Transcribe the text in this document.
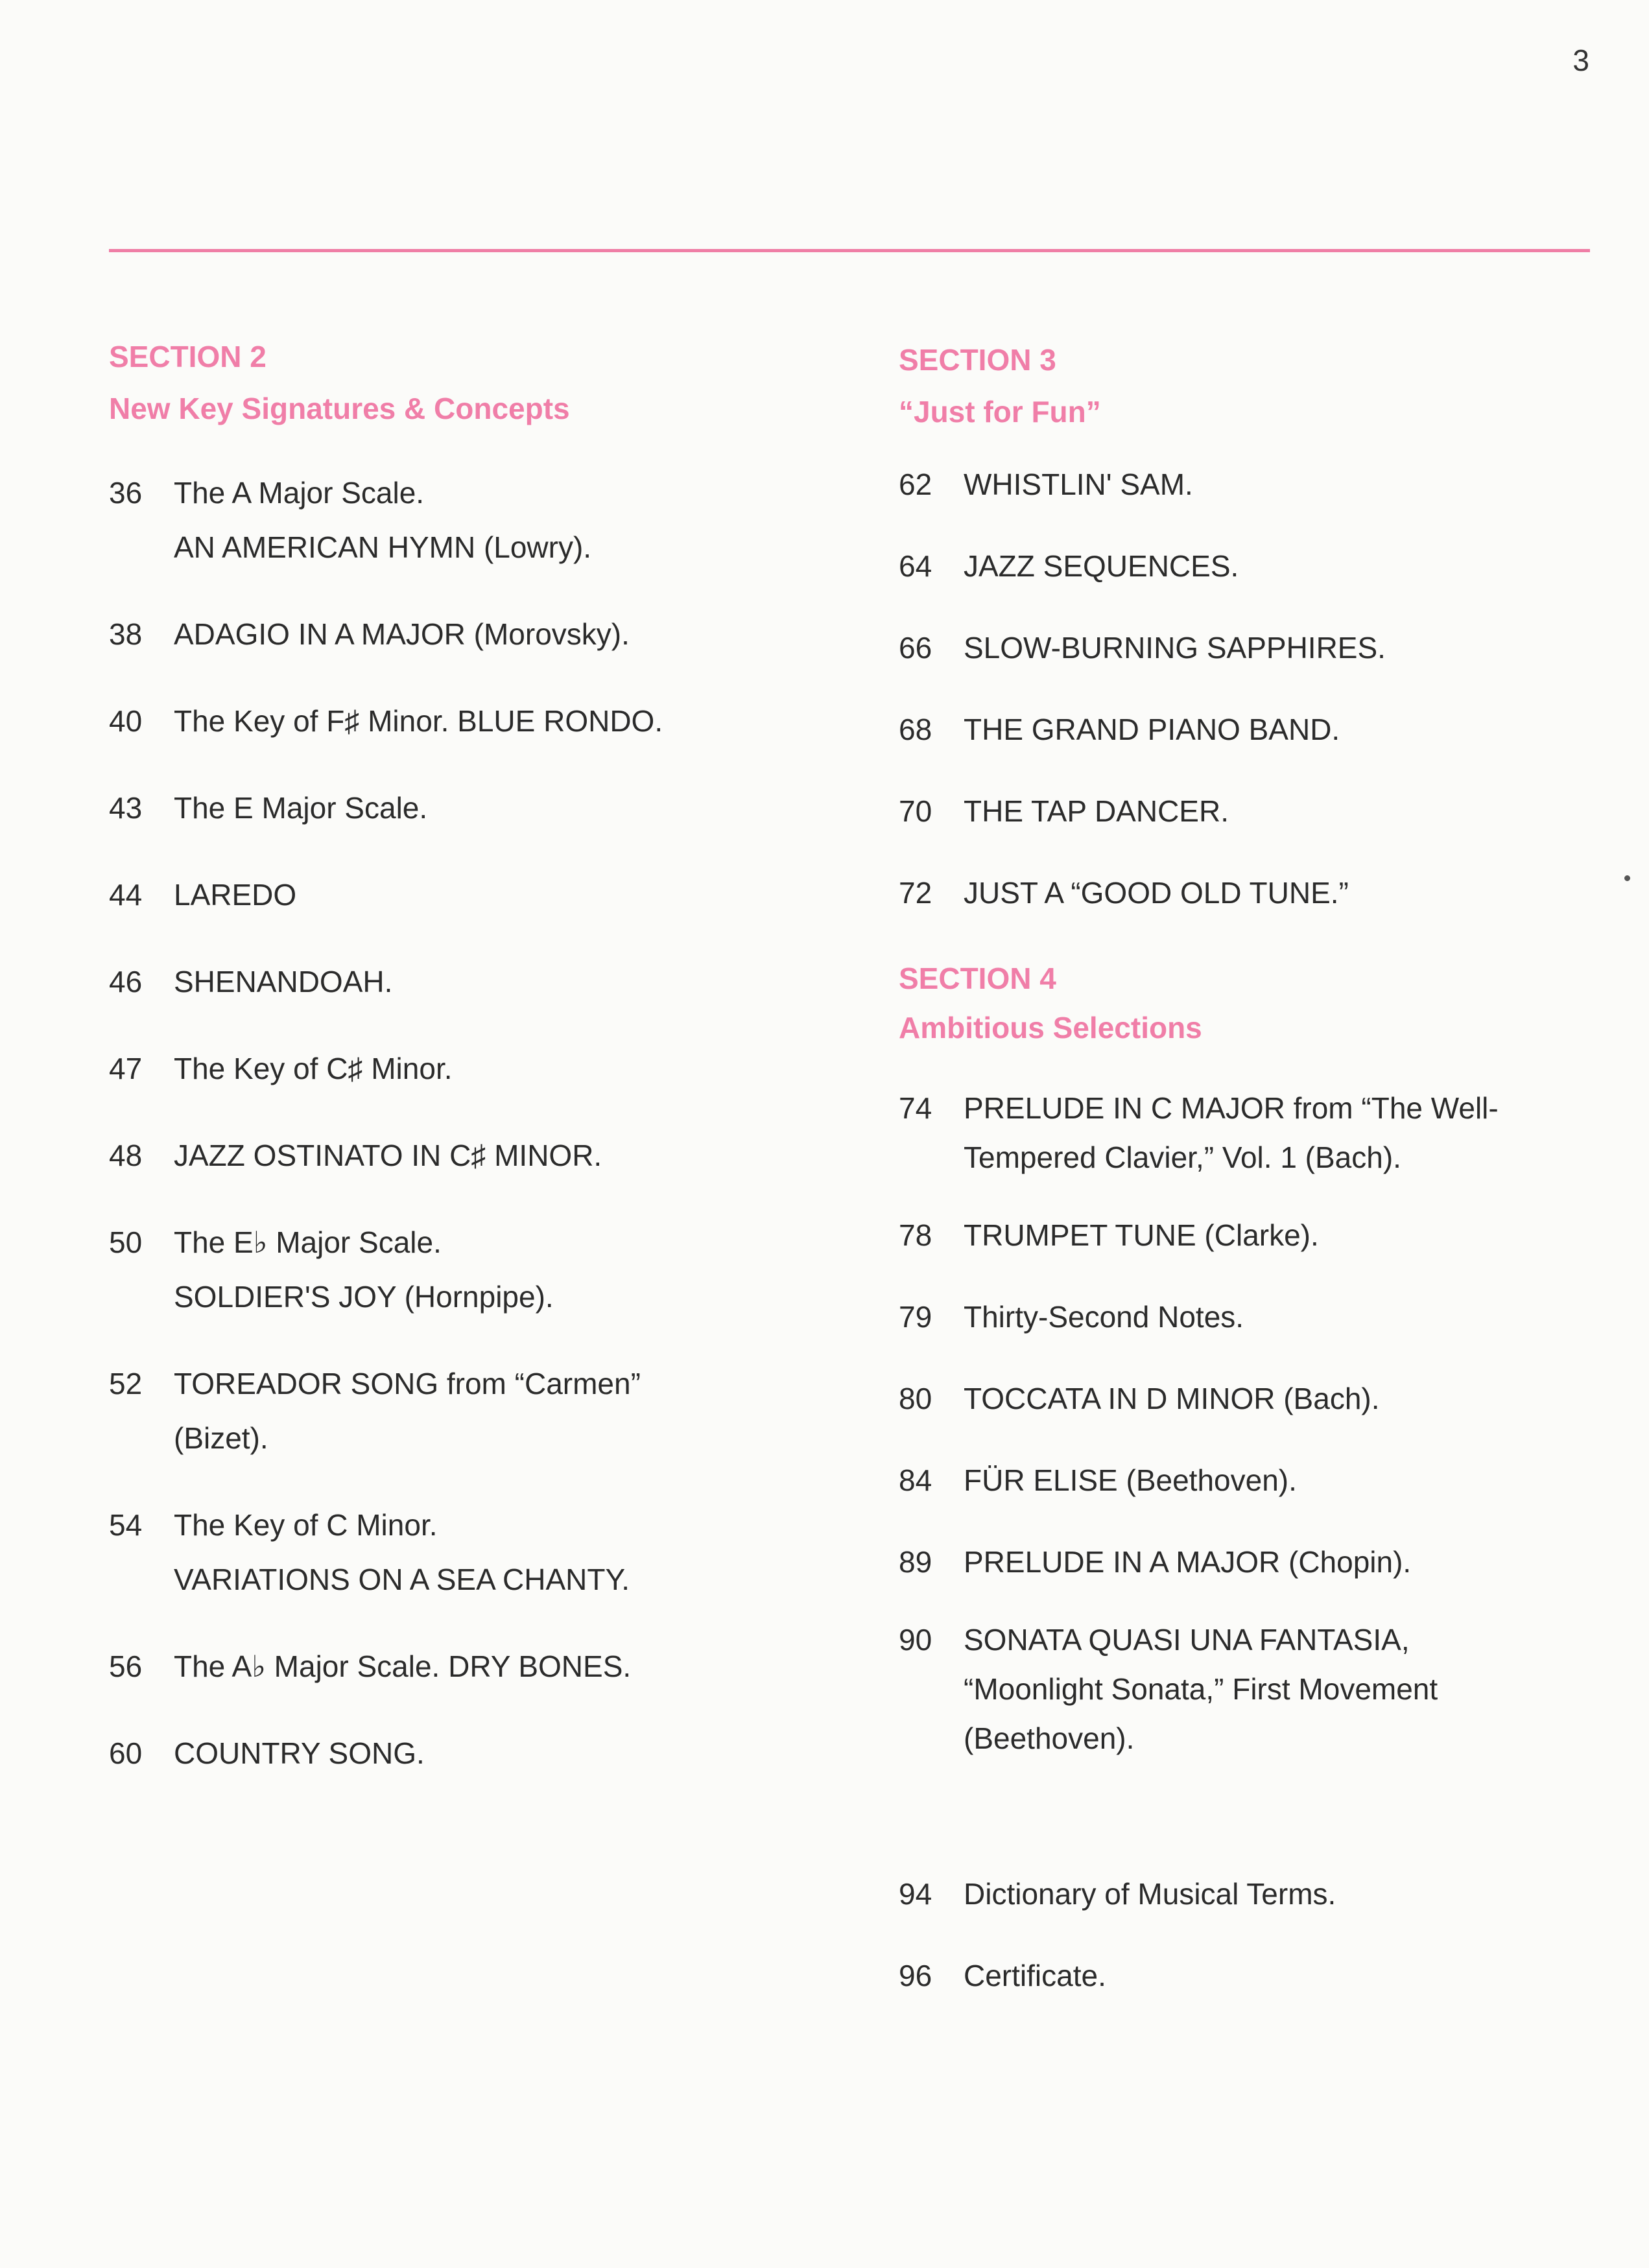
3
SECTION 2
New Key Signatures & Concepts
36	The A Major Scale.
AN AMERICAN HYMN (Lowry).
38	ADAGIO IN A MAJOR (Morovsky).
40	The Key of F♯ Minor. BLUE RONDO.
43	The E Major Scale.
44	LAREDO
46	SHENANDOAH.
47	The Key of C♯ Minor.
48	JAZZ OSTINATO IN C♯ MINOR.
50	The E♭ Major Scale.
SOLDIER'S JOY (Hornpipe).
52	TOREADOR SONG from “Carmen”
(Bizet).
54	The Key of C Minor.
VARIATIONS ON A SEA CHANTY.
56	The A♭ Major Scale. DRY BONES.
60	COUNTRY SONG.
SECTION 3
“Just for Fun”
62	WHISTLIN' SAM.
64	JAZZ SEQUENCES.
66	SLOW-BURNING SAPPHIRES.
68	THE GRAND PIANO BAND.
70	THE TAP DANCER.
72	JUST A “GOOD OLD TUNE.”
SECTION 4
Ambitious Selections
74	PRELUDE IN C MAJOR from “The Well-
Tempered Clavier,” Vol. 1 (Bach).
78	TRUMPET TUNE (Clarke).
79	Thirty-Second Notes.
80	TOCCATA IN D MINOR (Bach).
84	FÜR ELISE (Beethoven).
89	PRELUDE IN A MAJOR (Chopin).
90	SONATA QUASI UNA FANTASIA,
“Moonlight Sonata,” First Movement
(Beethoven).
94	Dictionary of Musical Terms.
96	Certificate.
